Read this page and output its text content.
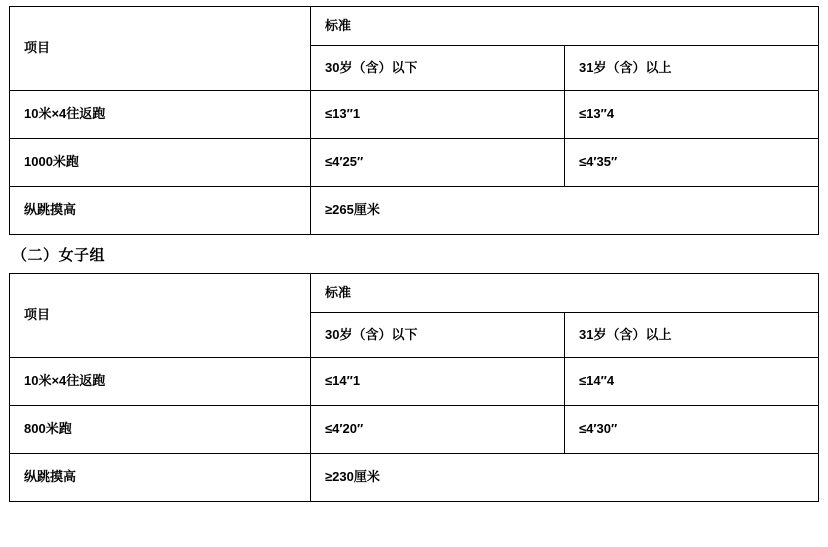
项目	标准	
	30岁（含）以下	31岁（含）以上
10米×4往返跑	≤13″1	≤13″4
1000米跑	≤4′25″	≤4′35″
纵跳摸高	≥265厘米	
（二）女子组
项目	标准	
	30岁（含）以下	31岁（含）以上
10米×4往返跑	≤14″1	≤14″4
800米跑	≤4′20″	≤4′30″
纵跳摸高	≥230厘米	
